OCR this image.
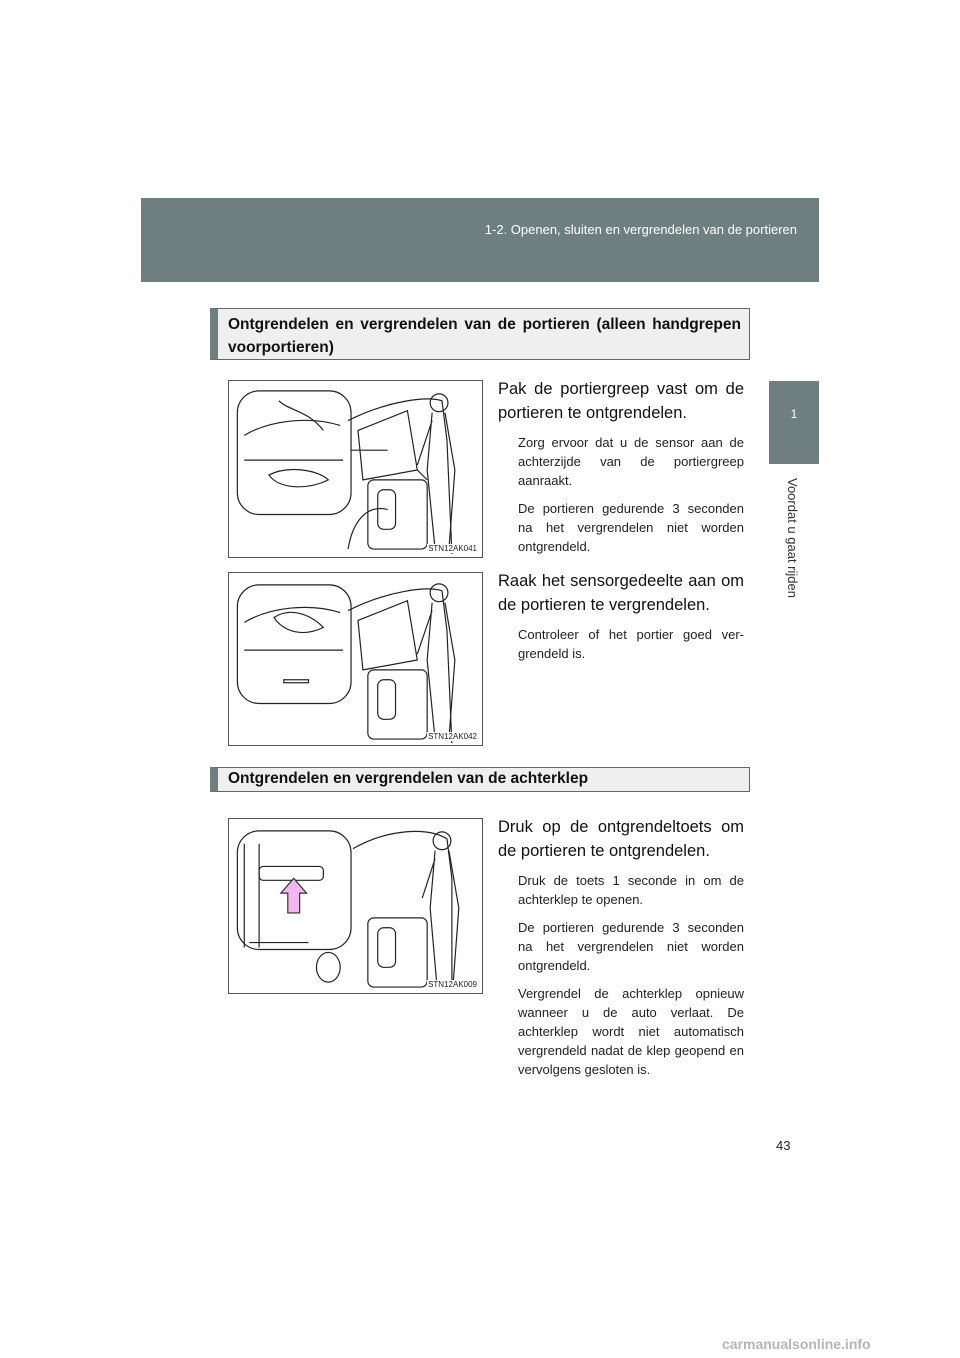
1-2. Openen, sluiten en vergrendelen van de portieren
1
Voordat u gaat rijden
Ontgrendelen en vergrendelen van de portieren (alleen handgrepen voorportieren)
STN12AK041
Pak de portiergreep vast om de portieren te ontgrendelen.
Zorg ervoor dat u de sensor aan de achterzijde van de portiergreep aanraakt.
De portieren gedurende 3 seconden na het vergrendelen niet worden ontgrendeld.
STN12AK042
Raak het sensorgedeelte aan om de portieren te vergrendelen.
Controleer of het portier goed vergrendeld is.
Ontgrendelen en vergrendelen van de achterklep
STN12AK009
Druk op de ontgrendeltoets om de portieren te ontgrendelen.
Druk de toets 1 seconde in om de achterklep te openen.
De portieren gedurende 3 seconden na het vergrendelen niet worden ontgrendeld.
Vergrendel de achterklep opnieuw wanneer u de auto verlaat. De achterklep wordt niet automatisch vergrendeld nadat de klep geopend en vervolgens gesloten is.
43
carmanualsonline.info
